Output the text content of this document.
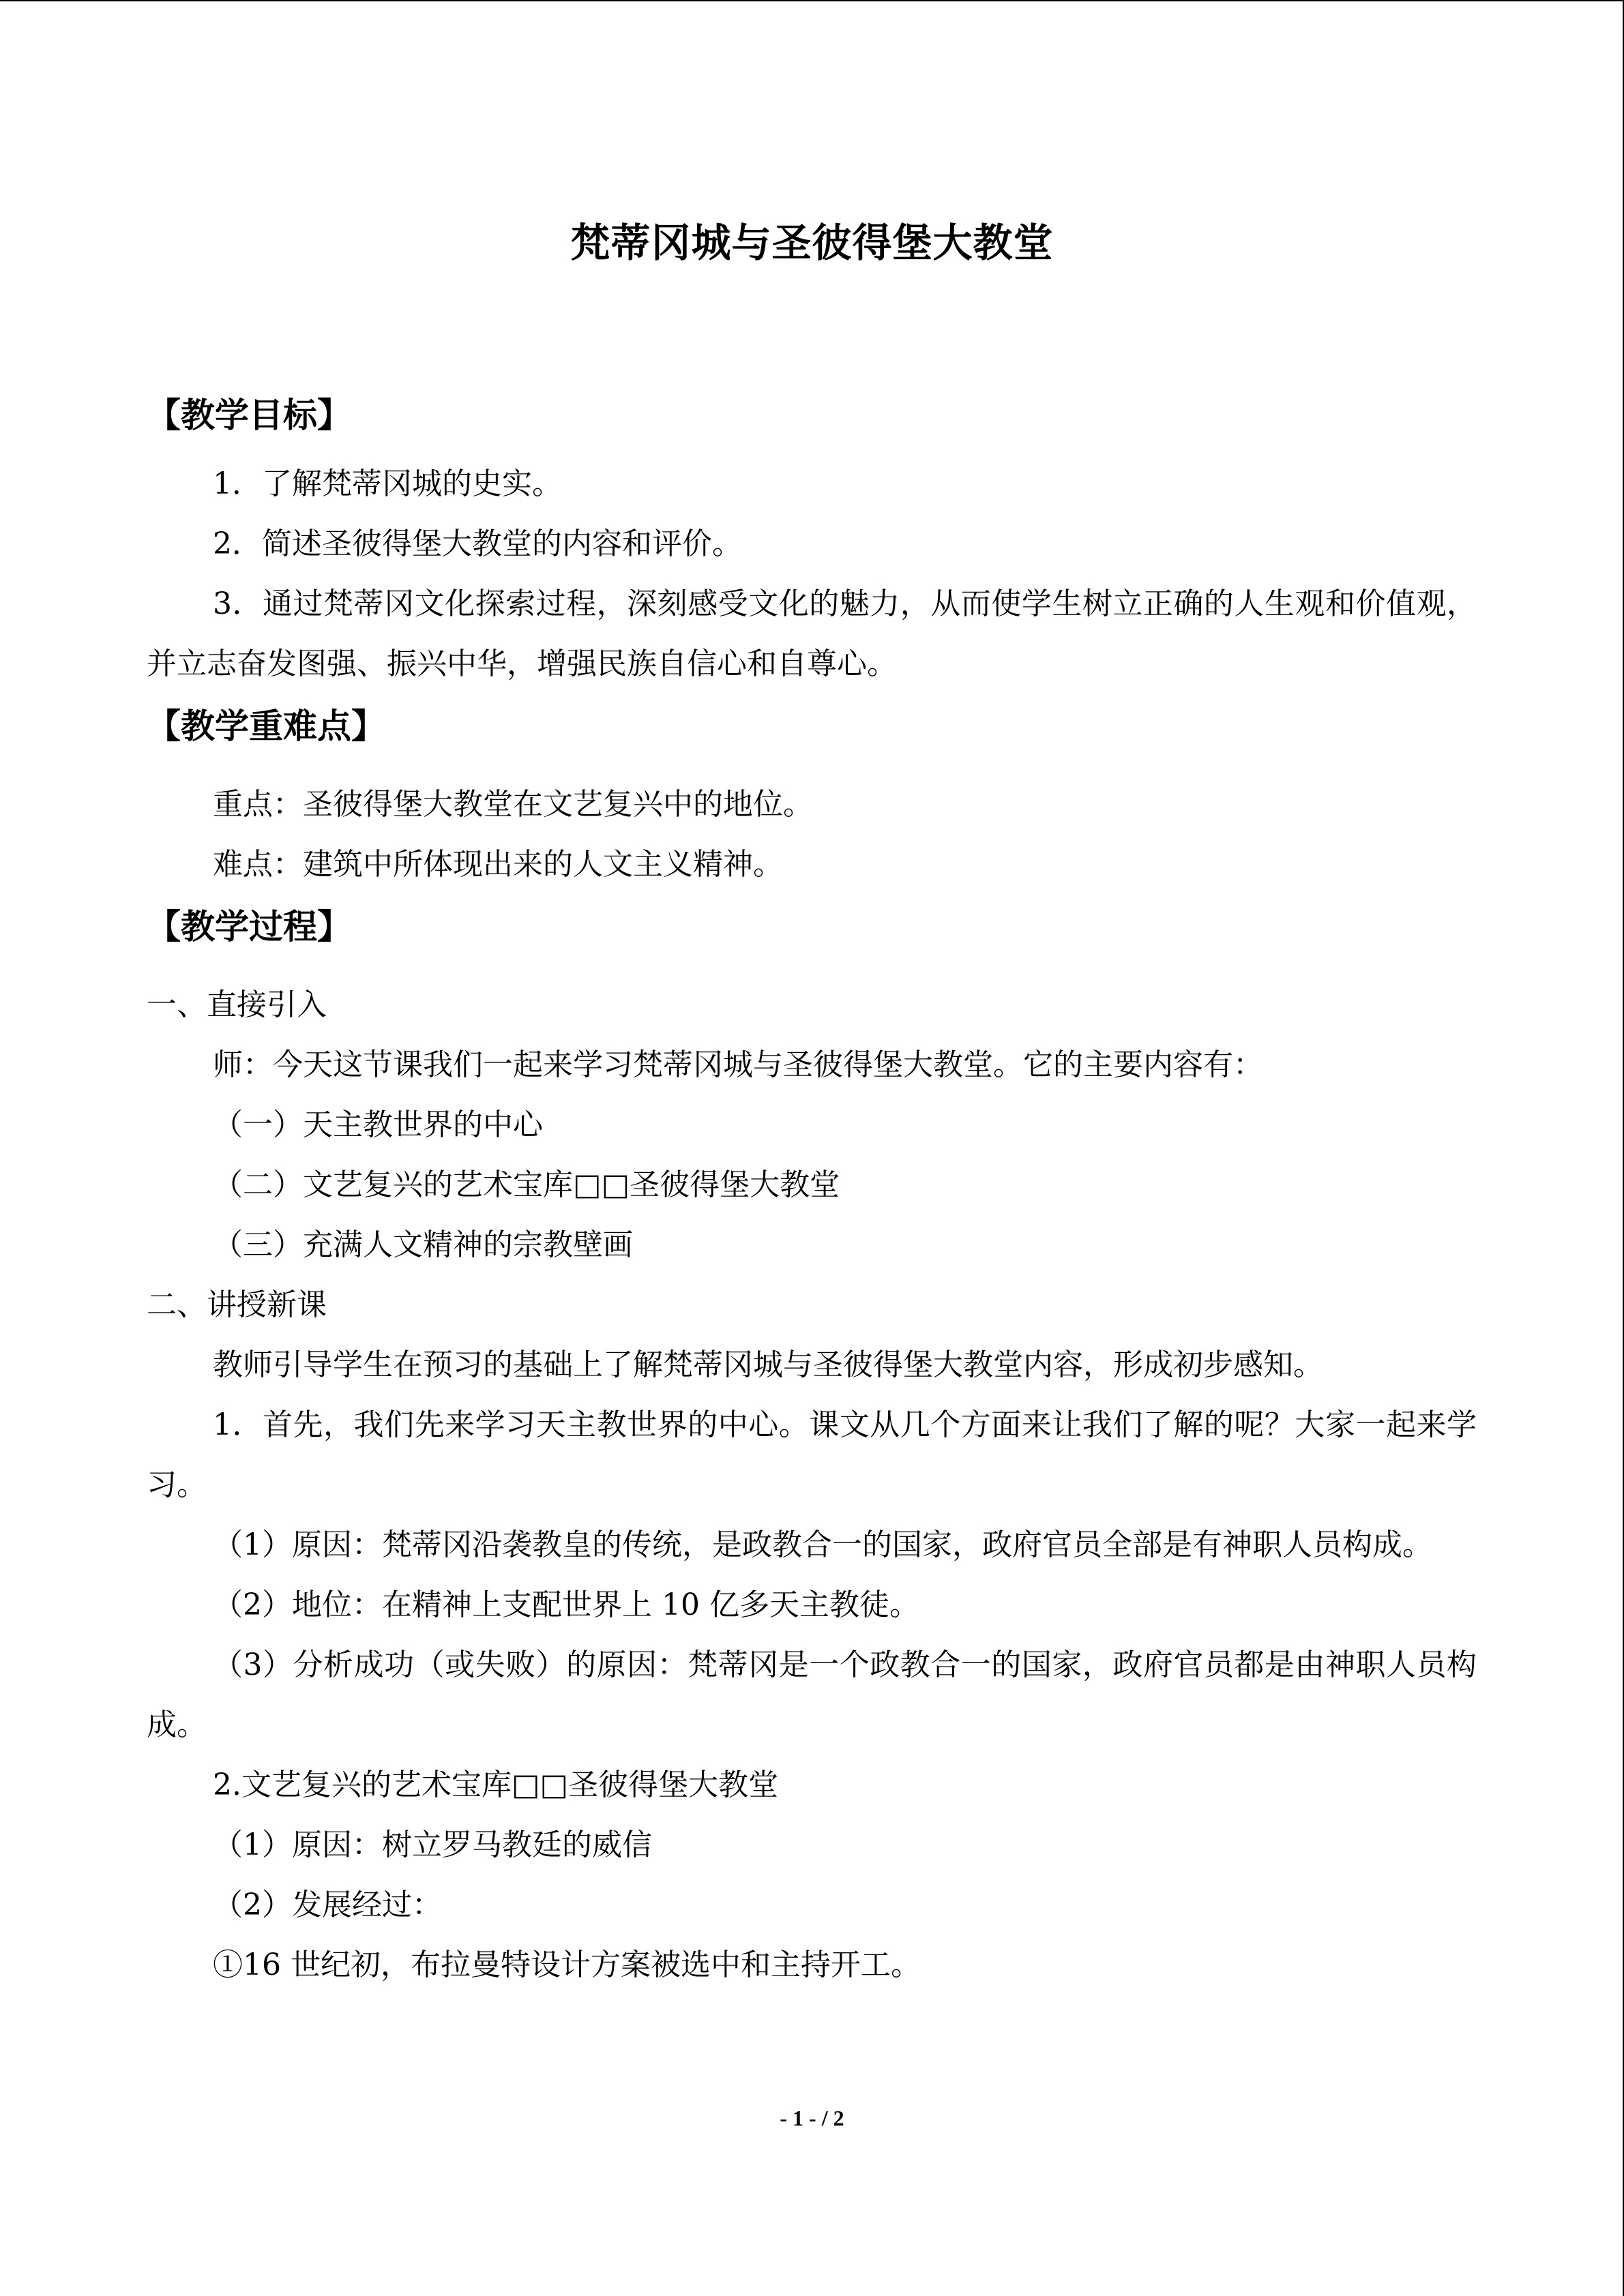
梵蒂冈城与圣彼得堡大教堂
【教学目标】

1．了解梵蒂冈城的史实。

2．简述圣彼得堡大教堂的内容和评价。

3．通过梵蒂冈文化探索过程，深刻感受文化的魅力，从而使学生树立正确的人生观和价值观，并立志奋发图强、振兴中华，增强民族自信心和自尊心。

【教学重难点】

重点：圣彼得堡大教堂在文艺复兴中的地位。

难点：建筑中所体现出来的人文主义精神。

【教学过程】

一、直接引入

师：今天这节课我们一起来学习梵蒂冈城与圣彼得堡大教堂。它的主要内容有：

（一）天主教世界的中心

（二）文艺复兴的艺术宝库□□圣彼得堡大教堂

（三）充满人文精神的宗教壁画

二、讲授新课

教师引导学生在预习的基础上了解梵蒂冈城与圣彼得堡大教堂内容，形成初步感知。

1．首先，我们先来学习天主教世界的中心。课文从几个方面来让我们了解的呢？大家一起来学习。

（1）原因：梵蒂冈沿袭教皇的传统，是政教合一的国家，政府官员全部是有神职人员构成。

（2）地位：在精神上支配世界上 10 亿多天主教徒。

（3）分析成功（或失败）的原因：梵蒂冈是一个政教合一的国家，政府官员都是由神职人员构成。

2.文艺复兴的艺术宝库□□圣彼得堡大教堂

（1）原因：树立罗马教廷的威信

（2）发展经过：

①16 世纪初，布拉曼特设计方案被选中和主持开工。

- 1 - / 2
